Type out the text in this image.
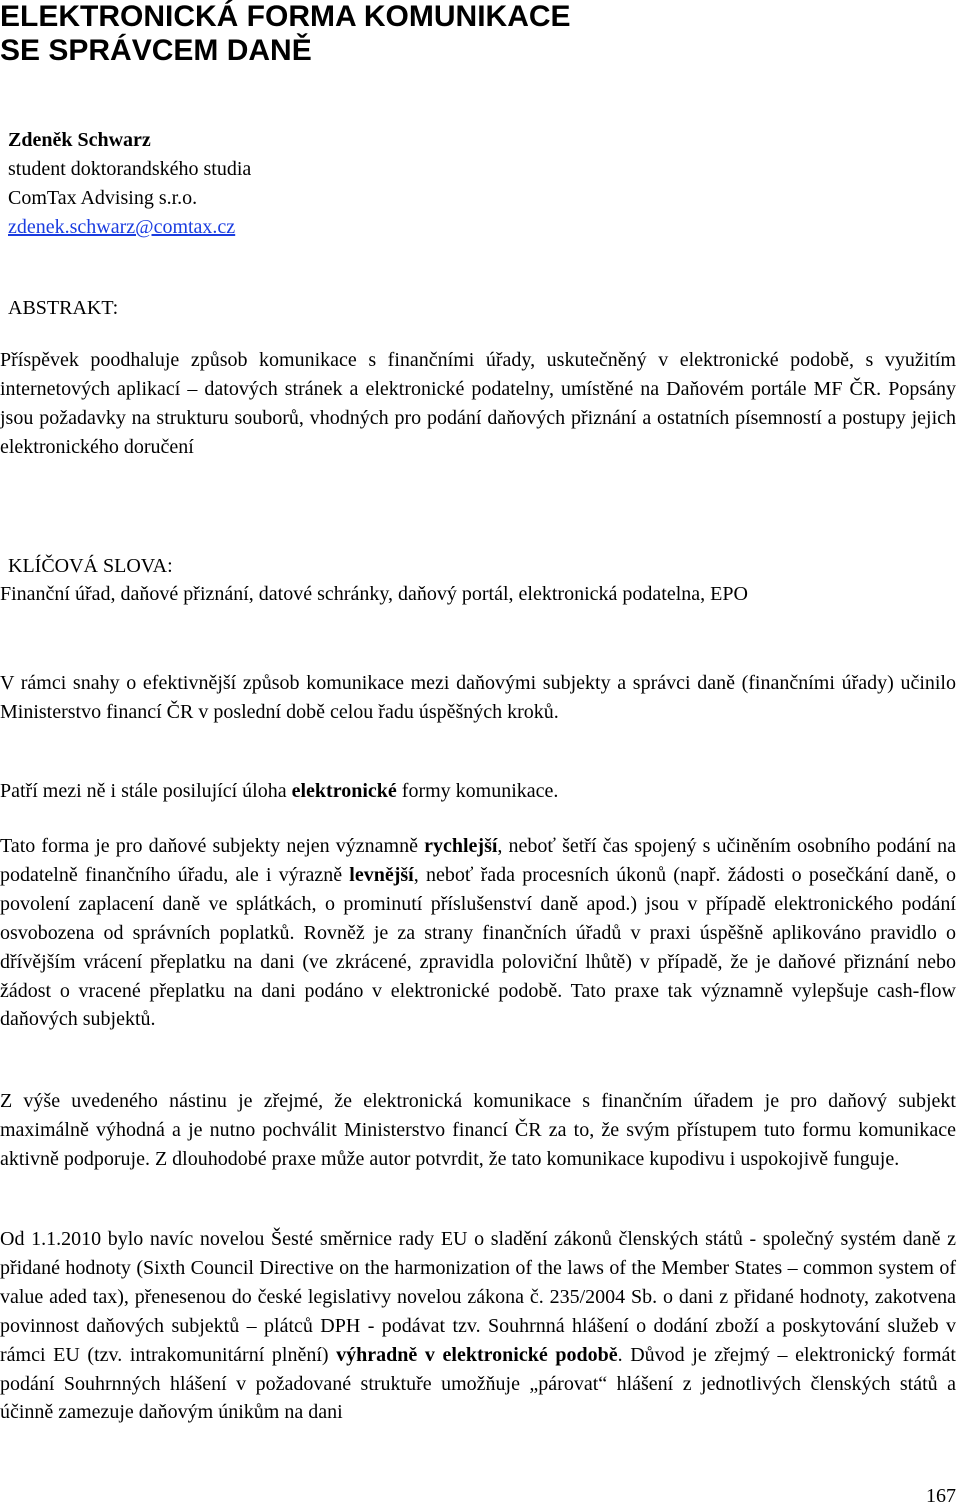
ELEKTRONICKÁ FORMA KOMUNIKACE
SE SPRÁVCEM DANĚ
Zdeněk Schwarz
student doktorandského studia
ComTax Advising s.r.o.
zdenek.schwarz@comtax.cz
ABSTRAKT:

Příspěvek poodhaluje způsob komunikace s finančními úřady, uskutečněný v elektronické podobě, s využitím internetových aplikací – datových stránek a elektronické podatelny, umístěné na Daňovém portále MF ČR. Popsány jsou požadavky na strukturu souborů, vhodných pro podání daňových přiznání a ostatních písemností a postupy jejich elektronického doručení

KLÍČOVÁ SLOVA:

Finanční úřad, daňové přiznání, datové schránky, daňový portál, elektronická podatelna, EPO

V rámci snahy o efektivnější způsob komunikace mezi daňovými subjekty a správci daně (finančními úřady) učinilo Ministerstvo financí ČR v poslední době celou řadu úspěšných kroků.

Patří mezi ně i stále posilující úloha elektronické formy komunikace.

Tato forma je pro daňové subjekty nejen významně rychlejší, neboť šetří čas spojený s učiněním osobního podání na podatelně finančního úřadu, ale i výrazně levnější, neboť řada procesních úkonů (např. žádosti o posečkání daně, o povolení zaplacení daně ve splátkách, o prominutí příslušenství daně apod.) jsou v případě elektronického podání osvobozena od správních poplatků. Rovněž je za strany finančních úřadů v praxi úspěšně aplikováno pravidlo o dřívějším vrácení přeplatku na dani (ve zkrácené, zpravidla poloviční lhůtě) v případě, že je daňové přiznání nebo žádost o vracené přeplatku na dani podáno v elektronické podobě. Tato praxe tak významně vylepšuje cash-flow daňových subjektů.

Z výše uvedeného nástinu je zřejmé, že elektronická komunikace s finančním úřadem je pro daňový subjekt maximálně výhodná a je nutno pochválit Ministerstvo financí ČR za to, že svým přístupem tuto formu komunikace aktivně podporuje. Z dlouhodobé praxe může autor potvrdit, že tato komunikace kupodivu i uspokojivě funguje.

Od 1.1.2010 bylo navíc novelou Šesté směrnice rady EU o sladění zákonů členských států - společný systém daně z přidané hodnoty (Sixth Council Directive on the harmonization of the laws of the Member States – common system of value aded tax), přenesenou do české legislativy novelou zákona č. 235/2004 Sb. o dani z přidané hodnoty, zakotvena povinnost daňových subjektů – plátců DPH - podávat tzv. Souhrnná hlášení o dodání zboží a poskytování služeb v rámci EU (tzv. intrakomunitární plnění) výhradně v elektronické podobě. Důvod je zřejmý – elektronický formát podání Souhrnných hlášení v požadované struktuře umožňuje „párovat“ hlášení z jednotlivých členských států a účinně zamezuje daňovým únikům na dani

167
